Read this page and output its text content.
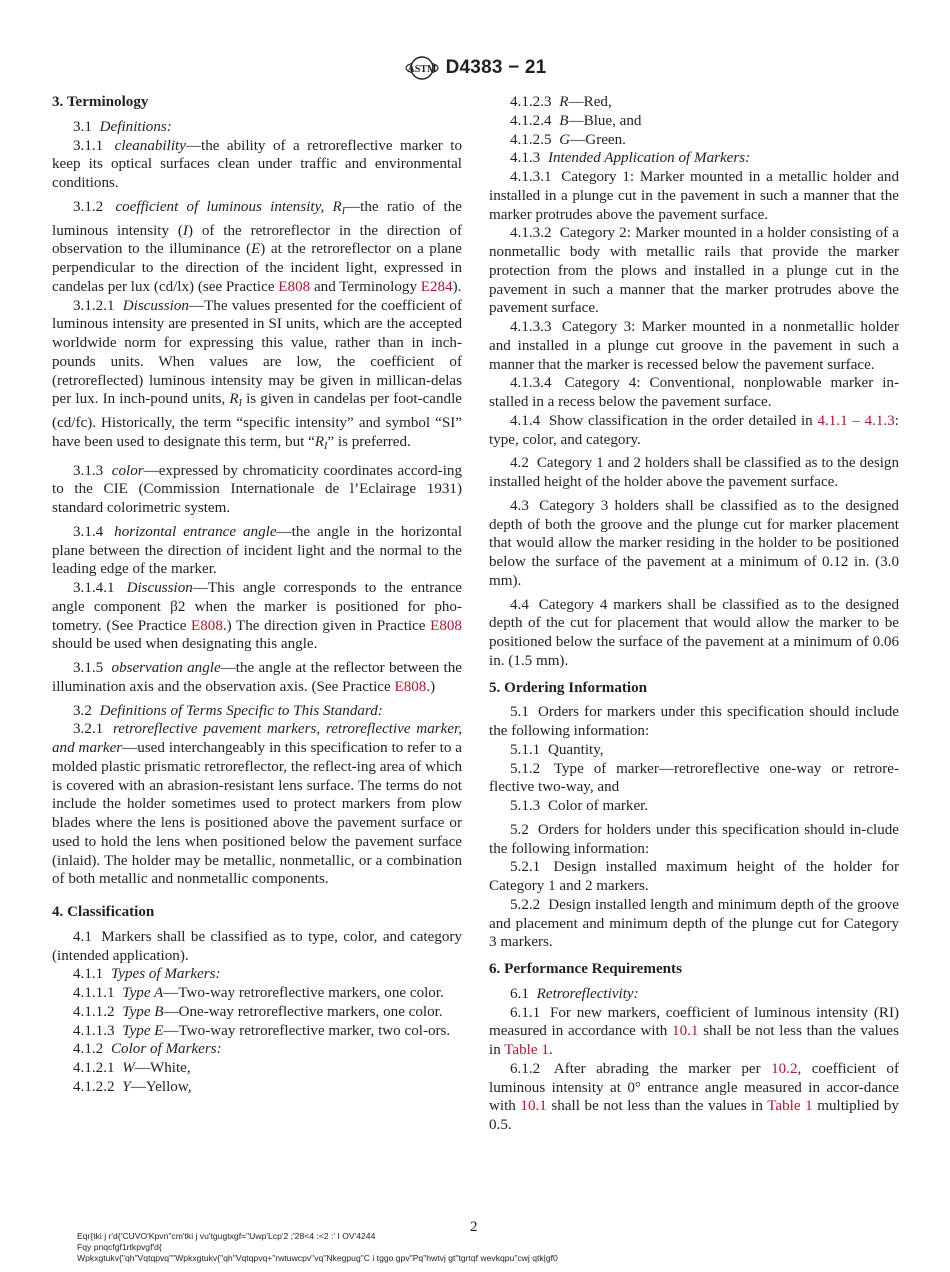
ASTM D4383 − 21
3. Terminology

3.1 Definitions:

3.1.1 cleanability—the ability of a retroreflective marker to keep its optical surfaces clean under traffic and environmental conditions.

3.1.2 coefficient of luminous intensity, $R_I—the$ ratio of the luminous intensity (I) of the retroreflector in the direction of observation to the illuminance (E) at the retroreflector on a plane perpendicular to the direction of the incident light, expressed in candelas per lux (cd/lx) (see Practice E808 and Terminology E284).

3.1.2.1 Discussion—The values presented for the coefficient of luminous intensity are presented in SI units, which are the accepted worldwide norm for expressing this value, rather than in inch-pounds units. When values are low, the coefficient of (retroreflected) luminous intensity may be given in millican-delas per lux. In inch-pound units, $R_I$ is given in candelas per foot-candle (cd/fc). Historically, the term “specific intensity” and symbol “SI” have been used to designate this term, but “$R_I$” is preferred.

3.1.3 color—expressed by chromaticity coordinates accord-ing to the CIE (Commission Internationale de l’Eclairage 1931) standard colorimetric system.

3.1.4 horizontal entrance angle—the angle in the horizontal plane between the direction of incident light and the normal to the leading edge of the marker.

3.1.4.1 Discussion—This angle corresponds to the entrance angle component β2 when the marker is positioned for pho-tometry. (See Practice E808.) The direction given in Practice E808 should be used when designating this angle.

3.1.5 observation angle—the angle at the reflector between the illumination axis and the observation axis. (See Practice E808.)

3.2 Definitions of Terms Specific to This Standard:

3.2.1 retroreflective pavement markers, retroreflective marker, and marker—used interchangeably in this specification to refer to a molded plastic prismatic retroreflector, the reflect-ing area of which is covered with an abrasion-resistant lens surface. The terms do not include the holder sometimes used to protect markers from plow blades where the lens is positioned above the pavement surface or used to hold the lens when positioned below the pavement surface (inlaid). The holder may be metallic, nonmetallic, or a combination of both metallic and nonmetallic components.

4. Classification

4.1 Markers shall be classified as to type, color, and category (intended application).

4.1.1 Types of Markers:

4.1.1.1 Type A—Two-way retroreflective markers, one color.

4.1.1.2 Type B—One-way retroreflective markers, one color.

4.1.1.3 Type E—Two-way retroreflective marker, two col-ors.

4.1.2 Color of Markers:

4.1.2.1 W—White,

4.1.2.2 Y—Yellow,

4.1.2.3 R—Red,

4.1.2.4 B—Blue, and

4.1.2.5 G—Green.

4.1.3 Intended Application of Markers:

4.1.3.1 Category 1: Marker mounted in a metallic holder and installed in a plunge cut in the pavement in such a manner that the marker protrudes above the pavement surface.

4.1.3.2 Category 2: Marker mounted in a holder consisting of a nonmetallic body with metallic rails that provide the marker protection from the plows and installed in a plunge cut in the pavement in such a manner that the marker protrudes above the pavement surface.

4.1.3.3 Category 3: Marker mounted in a nonmetallic holder and installed in a plunge cut groove in the pavement in such a manner that the marker is recessed below the pavement surface.

4.1.3.4 Category 4: Conventional, nonplowable marker in-stalled in a recess below the pavement surface.

4.1.4 Show classification in the order detailed in 4.1.1 – 4.1.3: type, color, and category.

4.2 Category 1 and 2 holders shall be classified as to the design installed height of the holder above the pavement surface.

4.3 Category 3 holders shall be classified as to the designed depth of both the groove and the plunge cut for marker placement that would allow the marker residing in the holder to be positioned below the surface of the pavement at a minimum of 0.12 in. (3.0 mm).

4.4 Category 4 markers shall be classified as to the designed depth of the cut for placement that would allow the marker to be positioned below the surface of the pavement at a minimum of 0.06 in. (1.5 mm).

5. Ordering Information

5.1 Orders for markers under this specification should include the following information:

5.1.1 Quantity,

5.1.2 Type of marker—retroreflective one-way or retrore-flective two-way, and

5.1.3 Color of marker.

5.2 Orders for holders under this specification should in-clude the following information:

5.2.1 Design installed maximum height of the holder for Category 1 and 2 markers.

5.2.2 Design installed length and minimum depth of the groove and placement and minimum depth of the plunge cut for Category 3 markers.

6. Performance Requirements

6.1 Retroreflectivity:

6.1.1 For new markers, coefficient of luminous intensity (RI) measured in accordance with 10.1 shall be not less than the values in Table 1.

6.1.2 After abrading the marker per 10.2, coefficient of luminous intensity at 0° entrance angle measured in accor-dance with 10.1 shall be not less than the values in Table 1 multiplied by 0.5.

2
Eqr{tki j r'd{'CUVO'Kpvn"cm'tki j vu'tgugtxgf="Uwp'Lcp'2 ;'28<4 :<2 :' I OV'4244
Fqy pnqcfgf1rtkpvgf'd{
Wpkxgtukv{"qh"Vqtqpvq""Wpkxgtukv{"qh"Vqtqpvq+"rwtuwcpv"vq"Nkegpug"C i tggo gpv"Pq"hwtvj gt"tgrtqf wevkqpu"cwj qtk|gf0
